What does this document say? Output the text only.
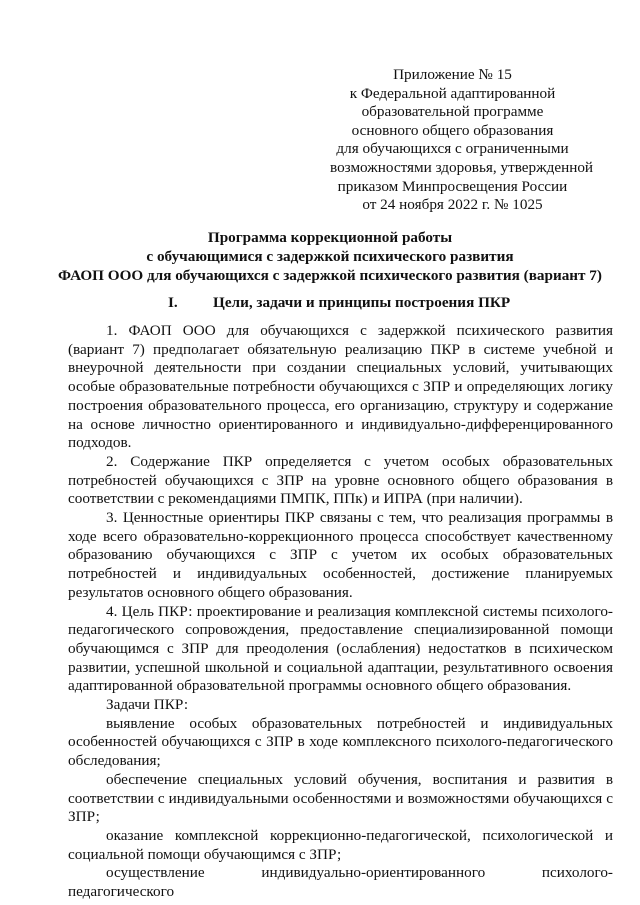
Приложение № 15
к Федеральной адаптированной
образовательной программе
основного общего образования
для обучающихся с ограниченными
возможностями здоровья, утвержденной
приказом Минпросвещения России
от 24 ноября 2022 г. № 1025
Программа коррекционной работы
с обучающимися с задержкой психического развития
ФАОП ООО для обучающихся с задержкой психического развития (вариант 7)
I. Цели, задачи и принципы построения ПКР

1. ФАОП ООО для обучающихся с задержкой психического развития (вариант 7) предполагает обязательную реализацию ПКР в системе учебной и внеурочной деятельности при создании специальных условий, учитывающих особые образовательные потребности обучающихся с ЗПР и определяющих логику построения образовательного процесса, его организацию, структуру и содержание на основе личностно ориентированного и индивидуально-дифференцированного подходов.

2. Содержание ПКР определяется с учетом особых образовательных потребностей обучающихся с ЗПР на уровне основного общего образования в соответствии с рекомендациями ПМПК, ППк) и ИПРА (при наличии).

3. Ценностные ориентиры ПКР связаны с тем, что реализация программы в ходе всего образовательно-коррекционного процесса способствует качественному образованию обучающихся с ЗПР с учетом их особых образовательных потребностей и индивидуальных особенностей, достижение планируемых результатов основного общего образования.

4. Цель ПКР: проектирование и реализация комплексной системы психолого-педагогического сопровождения, предоставление специализированной помощи обучающимся с ЗПР для преодоления (ослабления) недостатков в психическом развитии, успешной школьной и социальной адаптации, результативного освоения адаптированной образовательной программы основного общего образования.

Задачи ПКР:

выявление особых образовательных потребностей и индивидуальных особенностей обучающихся с ЗПР в ходе комплексного психолого-педагогического обследования;

обеспечение специальных условий обучения, воспитания и развития в соответствии с индивидуальными особенностями и возможностями обучающихся с ЗПР;

оказание комплексной коррекционно-педагогической, психологической и социальной помощи обучающимся с ЗПР;

осуществление индивидуально-ориентированного психолого-педагогического
